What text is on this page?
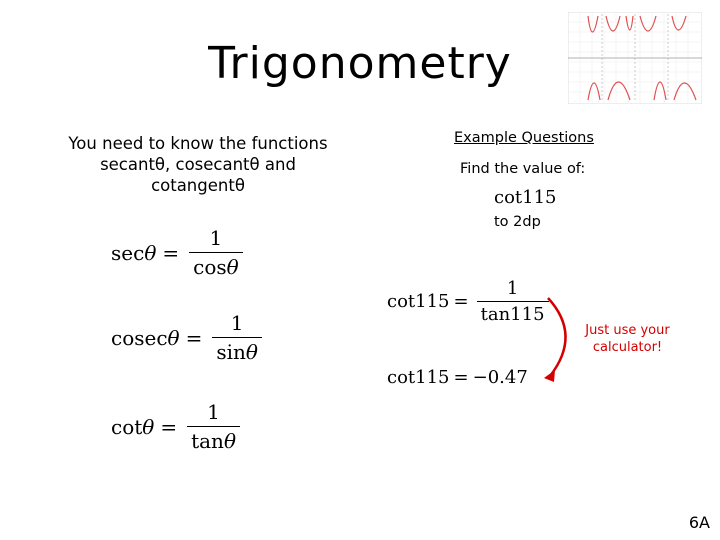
·	·	·	·
Trigonometry
You need to know the functions
secantθ, cosecantθ and
cotangentθ
$\sec \theta = \frac{1}{\cos\theta}$
cosec $\theta = \frac{1}{\sin\theta}$
$\cot \theta = \frac{1}{\tan\theta}$
Example Questions
Find the value of:
cot115
to 2dp
$\cot 115 = \frac{1}{\tan 115}$
cot115 = −0.47
Just use your
calculator!
6A
